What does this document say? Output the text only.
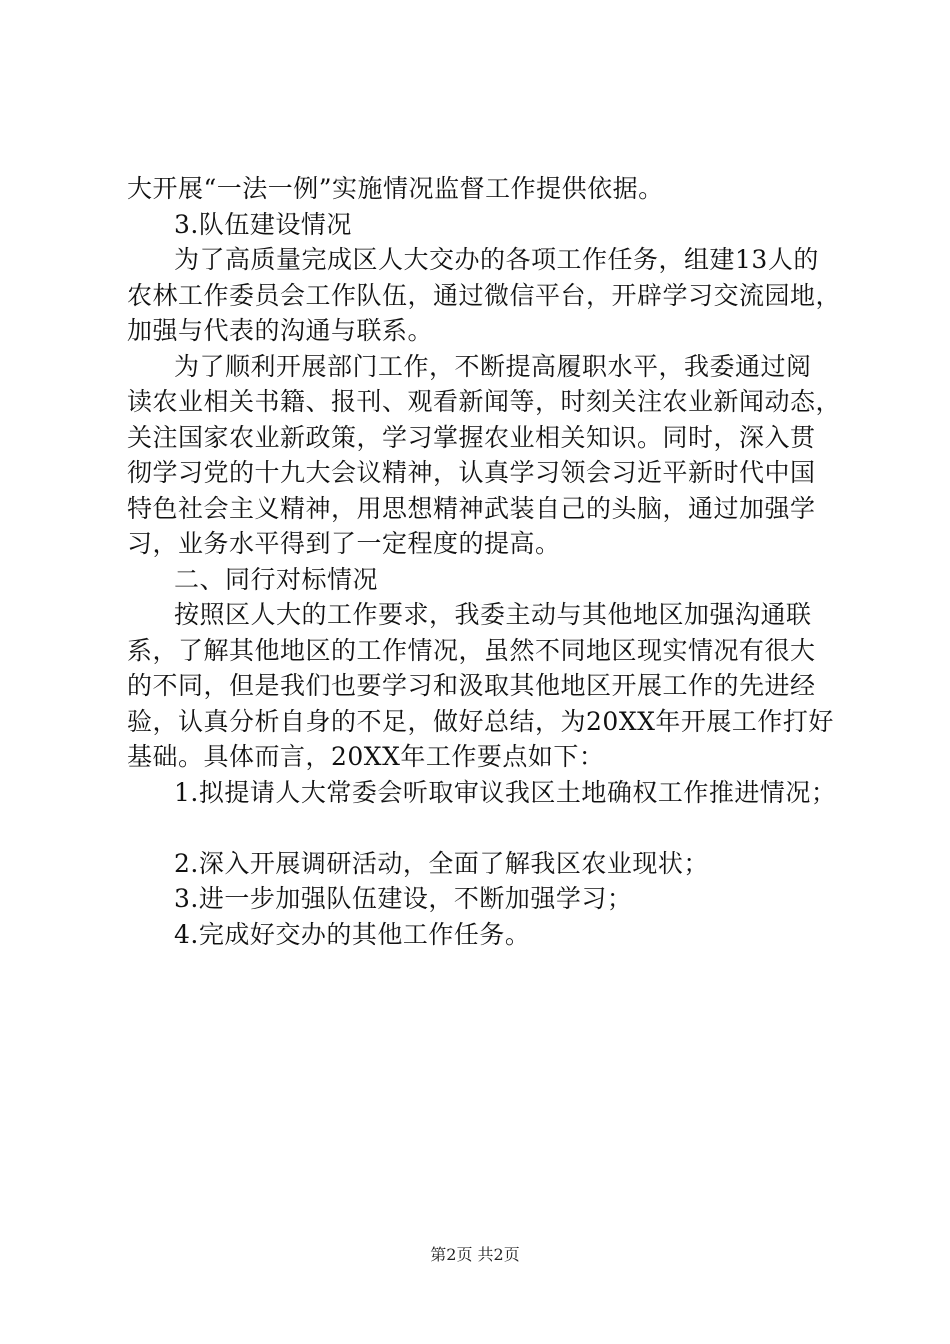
大开展“一法一例”实施情况监督工作提供依据。
3.队伍建设情况
为了高质量完成区人大交办的各项工作任务，组建13人的
农林工作委员会工作队伍，通过微信平台，开辟学习交流园地，
加强与代表的沟通与联系。
为了顺利开展部门工作，不断提高履职水平，我委通过阅
读农业相关书籍、报刊、观看新闻等，时刻关注农业新闻动态，
关注国家农业新政策，学习掌握农业相关知识。同时，深入贯
彻学习党的十九大会议精神，认真学习领会习近平新时代中国
特色社会主义精神，用思想精神武装自己的头脑，通过加强学
习，业务水平得到了一定程度的提高。
二、同行对标情况
按照区人大的工作要求，我委主动与其他地区加强沟通联
系，了解其他地区的工作情况，虽然不同地区现实情况有很大
的不同，但是我们也要学习和汲取其他地区开展工作的先进经
验，认真分析自身的不足，做好总结，为20XX年开展工作打好
基础。具体而言，20XX年工作要点如下：
1.拟提请人大常委会听取审议我区土地确权工作推进情况；
2.深入开展调研活动，全面了解我区农业现状；
3.进一步加强队伍建设，不断加强学习；
4.完成好交办的其他工作任务。
第2页 共2页
